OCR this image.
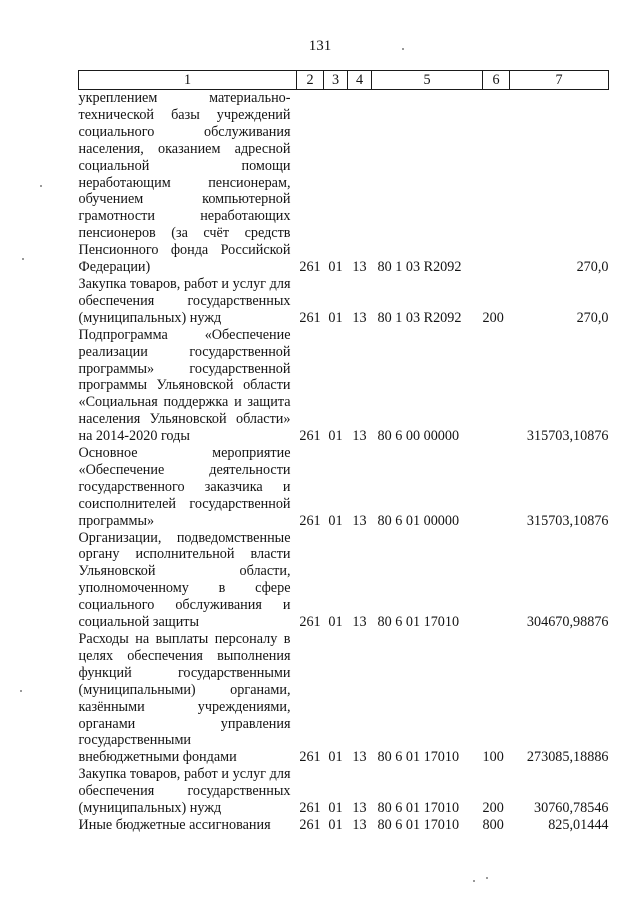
131
1	2	3	4	5	6	7
укреплением материально-технической базы учреждений социального обслуживания населения, оказанием адресной социальной помощи неработающим пенсионерам, обучением компьютерной грамотности неработающих пенсионеров (за счёт средств Пенсионного фонда Российской Федерации)	261	01	13	80 1 03 R2092		270,0
Закупка товаров, работ и услуг для обеспечения государственных (муниципальных) нужд	261	01	13	80 1 03 R2092	200	270,0
Подпрограмма «Обеспечение реализации государственной программы» государственной программы Ульяновской области «Социальная поддержка и защита населения Ульяновской области» на 2014-2020 годы	261	01	13	80 6 00 00000		315703,10876
Основное мероприятие «Обеспечение деятельности государственного заказчика и соисполнителей государственной программы»	261	01	13	80 6 01 00000		315703,10876
Организации, подведомственные органу исполнительной власти Ульяновской области, уполномоченному в сфере социального обслуживания и социальной защиты	261	01	13	80 6 01 17010		304670,98876
Расходы на выплаты персоналу в целях обеспечения выполнения функций государственными (муниципальными) органами, казёнными учреждениями, органами управления государственными внебюджетными фондами	261	01	13	80 6 01 17010	100	273085,18886
Закупка товаров, работ и услуг для обеспечения государственных (муниципальных) нужд	261	01	13	80 6 01 17010	200	30760,78546
Иные бюджетные ассигнования	261	01	13	80 6 01 17010	800	825,01444
